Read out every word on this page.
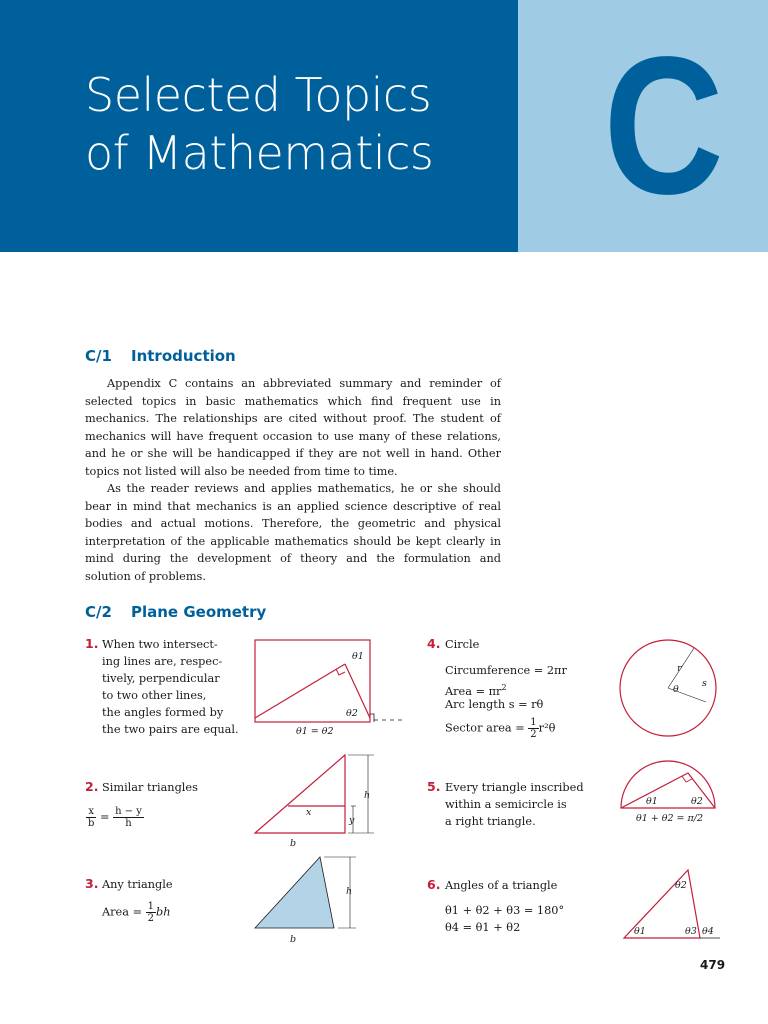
Selected Topics
of Mathematics C
C/1 Introduction

Appendix C contains an abbreviated summary and reminder of selected topics in basic mathematics which find frequent use in mechanics. The relationships are cited without proof. The student of mechanics will have frequent occasion to use many of these relations, and he or she will be handicapped if they are not well in hand. Other topics not listed will also be needed from time to time.

As the reader reviews and applies mathematics, he or she should bear in mind that mechanics is an applied science descriptive of real bodies and actual motions. Therefore, the geometric and physical interpretation of the applicable mathematics should be kept clearly in mind during the development of theory and the formulation and solution of problems.

C/2 Plane Geometry
1. When two intersect-
ing lines are, respec-
tively, perpendicular
to two other lines,
the angles formed by
the two pairs are equal.
θ1
θ2
θ1 = θ2
2. Similar triangles
$\frac{x}{b} = \frac{h - y}{h}$	x
y
h
b
3. Any triangle
Area = $\frac{1}{2}$ bh
h
b
4. Circle
Circumference = 2πr
Area = $\pi r^2$
Arc length s = rθ
Sector area = $\frac{1}{2} r^2\theta$
r
s
θ
5. Every triangle inscribed
within a semicircle is
a right triangle.
θ1	θ2
θ1 + θ2 = π/2
6. Angles of a triangle
θ1 + θ2 + θ3 = 180°
θ4 = θ1 + θ2	θ1
θ2
θ3 θ4
479
